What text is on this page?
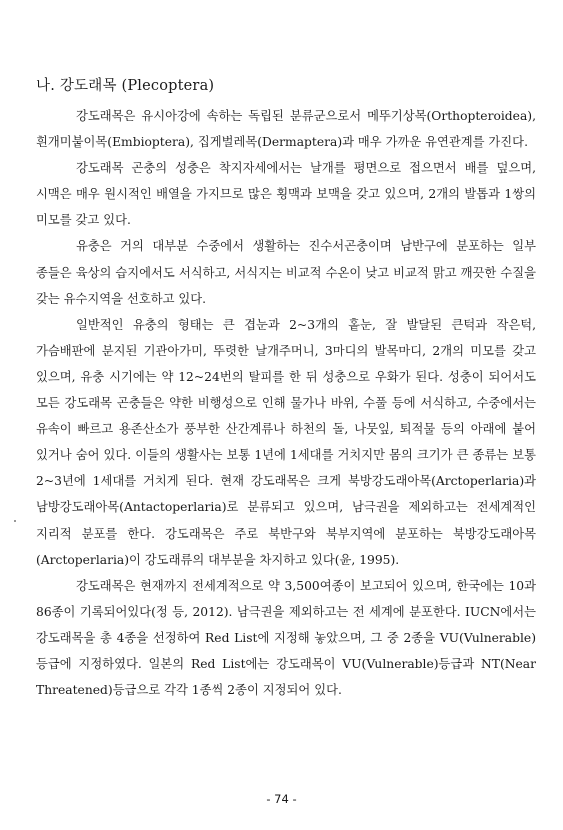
나. 강도래목 (Plecoptera)

강도래목은 유시아강에 속하는 독립된 분류군으로서 메뚜기상목(Orthopteroidea), 흰개미붙이목(Embioptera), 집게벌레목(Dermaptera)과 매우 가까운 유연관계를 가진다.

강도래목 곤충의 성충은 착지자세에서는 날개를 평면으로 접으면서 배를 덮으며, 시맥은 매우 원시적인 배열을 가지므로 많은 횡맥과 보맥을 갖고 있으며, 2개의 발톱과 1쌍의 미모를 갖고 있다.

유충은 거의 대부분 수중에서 생활하는 진수서곤충이며 남반구에 분포하는 일부 종들은 육상의 습지에서도 서식하고, 서식지는 비교적 수온이 낮고 비교적 맑고 깨끗한 수질을 갖는 유수지역을 선호하고 있다.

일반적인 유충의 형태는 큰 겹눈과 2~3개의 홑눈, 잘 발달된 큰턱과 작은턱, 가슴배판에 분지된 기관아가미, 뚜렷한 날개주머니, 3마디의 발목마디, 2개의 미모를 갖고 있으며, 유충 시기에는 약 12~24번의 탈피를 한 뒤 성충으로 우화가 된다. 성충이 되어서도 모든 강도래목 곤충들은 약한 비행성으로 인해 물가나 바위, 수풀 등에 서식하고, 수중에서는 유속이 빠르고 용존산소가 풍부한 산간계류나 하천의 돌, 나뭇잎, 퇴적물 등의 아래에 붙어 있거나 숨어 있다. 이들의 생활사는 보통 1년에 1세대를 거치지만 몸의 크기가 큰 종류는 보통 2~3년에 1세대를 거치게 된다. 현재 강도래목은 크게 북방강도래아목(Arctoperlaria)과 남방강도래아목(Antactoperlaria)로 분류되고 있으며, 남극권을 제외하고는 전세계적인 지리적 분포를 한다. 강도래목은 주로 북반구와 북부지역에 분포하는 북방강도래아목(Arctoperlaria)이 강도래류의 대부분을 차지하고 있다(윤, 1995).

강도래목은 현재까지 전세계적으로 약 3,500여종이 보고되어 있으며, 한국에는 10과 86종이 기록되어있다(정 등, 2012). 남극권을 제외하고는 전 세계에 분포한다. IUCN에서는 강도래목을 총 4종을 선정하여 Red List에 지정해 놓았으며, 그 중 2종을 VU(Vulnerable) 등급에 지정하였다. 일본의 Red List에는 강도래목이 VU(Vulnerable)등급과 NT(Near Threatened)등급으로 각각 1종씩 2종이 지정되어 있다.

- 74 -
